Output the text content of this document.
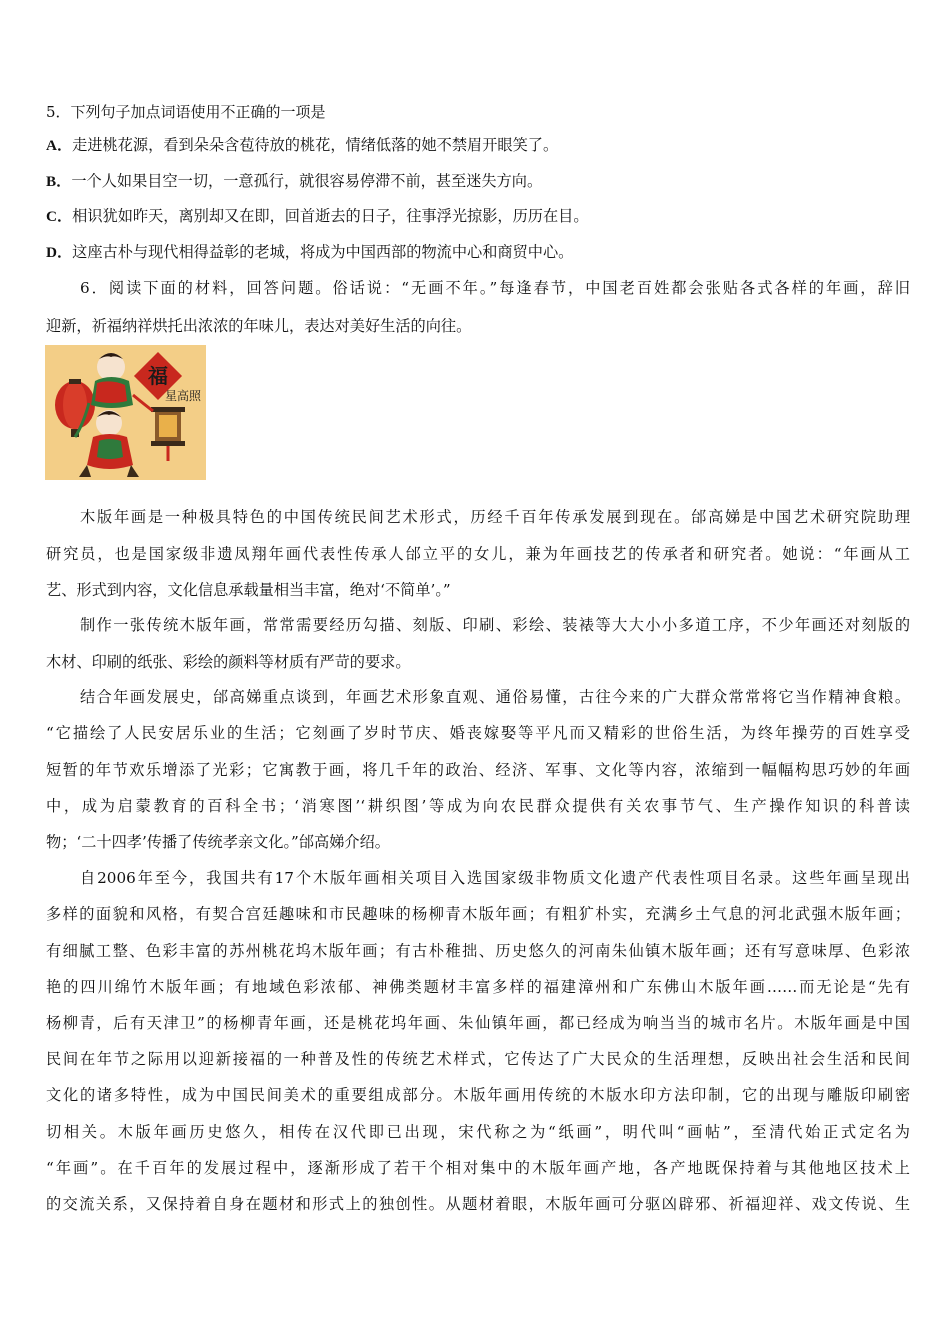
5．下列句子加点词语使用不正确的一项是
A．走进桃花源，看到朵朵含苞待放的桃花，情绪低落的她不禁眉开眼笑了。
B．一个人如果目空一切，一意孤行，就很容易停滞不前，甚至迷失方向。
C．相识犹如昨天，离别却又在即，回首逝去的日子，往事浮光掠影，历历在目。
D．这座古朴与现代相得益彰的老城，将成为中国西部的物流中心和商贸中心。
6．阅读下面的材料，回答问题。俗话说：“无画不年。”每逢春节，中国老百姓都会张贴各式各样的年画，辞旧
迎新，祈福纳祥烘托出浓浓的年味儿，表达对美好生活的向往。
福
星高照
木版年画是一种极具特色的中国传统民间艺术形式，历经千百年传承发展到现在。邰高娣是中国艺术研究院助理
研究员，也是国家级非遗凤翔年画代表性传承人邰立平的女儿，兼为年画技艺的传承者和研究者。她说：“年画从工
艺、形式到内容，文化信息承载量相当丰富，绝对‘不简单’。”
制作一张传统木版年画，常常需要经历勾描、刻版、印刷、彩绘、装裱等大大小小多道工序，不少年画还对刻版的
木材、印刷的纸张、彩绘的颜料等材质有严苛的要求。
结合年画发展史，邰高娣重点谈到，年画艺术形象直观、通俗易懂，古往今来的广大群众常常将它当作精神食粮。
“它描绘了人民安居乐业的生活；它刻画了岁时节庆、婚丧嫁娶等平凡而又精彩的世俗生活，为终年操劳的百姓享受
短暂的年节欢乐增添了光彩；它寓教于画，将几千年的政治、经济、军事、文化等内容，浓缩到一幅幅构思巧妙的年画
中，成为启蒙教育的百科全书；‘消寒图’‘耕织图’等成为向农民群众提供有关农事节气、生产操作知识的科普读
物；‘二十四孝’传播了传统孝亲文化。”邰高娣介绍。
自2006年至今，我国共有17个木版年画相关项目入选国家级非物质文化遗产代表性项目名录。这些年画呈现出
多样的面貌和风格，有契合宫廷趣味和市民趣味的杨柳青木版年画；有粗犷朴实，充满乡土气息的河北武强木版年画；
有细腻工整、色彩丰富的苏州桃花坞木版年画；有古朴稚拙、历史悠久的河南朱仙镇木版年画；还有写意味厚、色彩浓
艳的四川绵竹木版年画；有地域色彩浓郁、神佛类题材丰富多样的福建漳州和广东佛山木版年画……而无论是“先有
杨柳青，后有天津卫”的杨柳青年画，还是桃花坞年画、朱仙镇年画，都已经成为响当当的城市名片。木版年画是中国
民间在年节之际用以迎新接福的一种普及性的传统艺术样式，它传达了广大民众的生活理想，反映出社会生活和民间
文化的诸多特性，成为中国民间美术的重要组成部分。木版年画用传统的木版水印方法印制，它的出现与雕版印刷密
切相关。木版年画历史悠久，相传在汉代即已出现，宋代称之为“纸画”，明代叫“画帖”，至清代始正式定名为
“年画”。在千百年的发展过程中，逐渐形成了若干个相对集中的木版年画产地，各产地既保持着与其他地区技术上
的交流关系，又保持着自身在题材和形式上的独创性。从题材着眼，木版年画可分驱凶辟邪、祈福迎祥、戏文传说、生
